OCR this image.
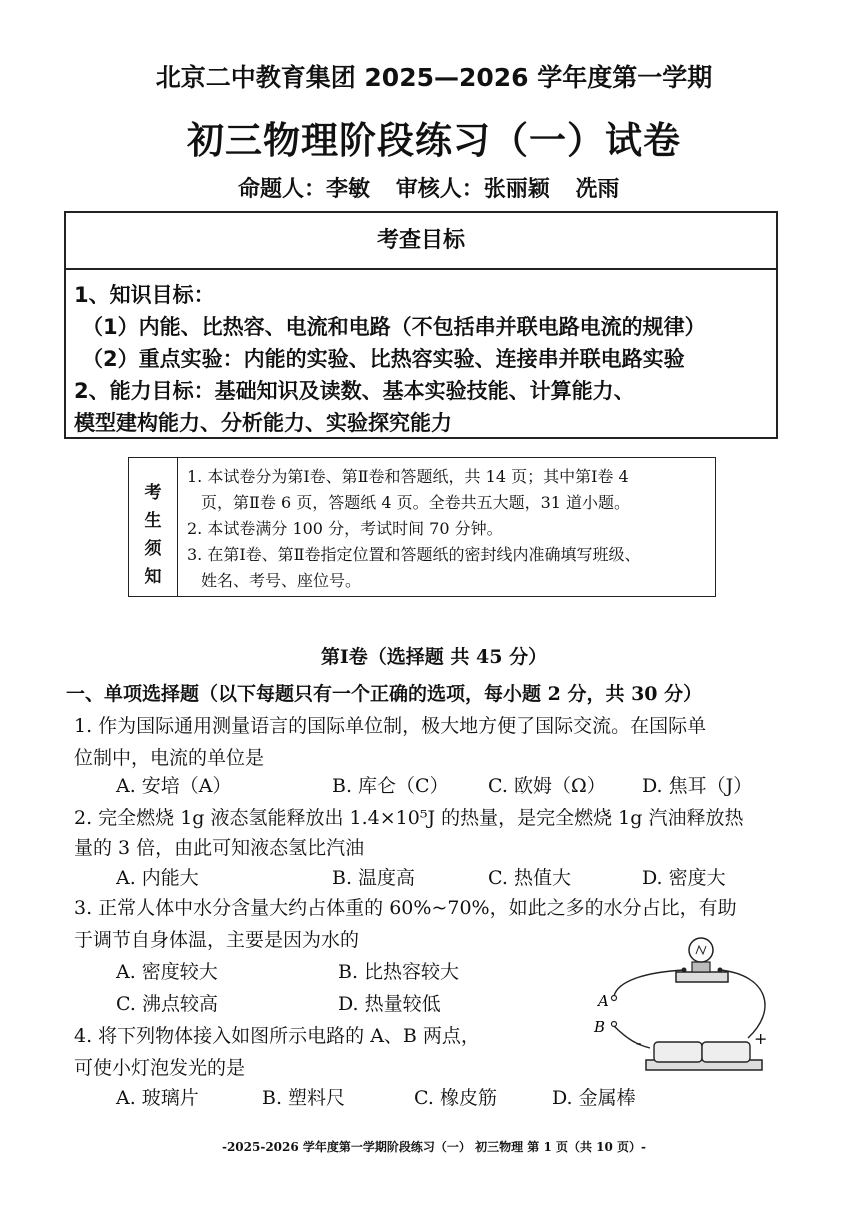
北京二中教育集团 2025—2026 学年度第一学期
初三物理阶段练习（一）试卷
命题人：李敏 审核人：张丽颖 冼雨
考查目标
1、知识目标：
（1）内能、比热容、电流和电路（不包括串并联电路电流的规律）
（2）重点实验：内能的实验、比热容实验、连接串并联电路实验
2、能力目标：基础知识及读数、基本实验技能、计算能力、
模型建构能力、分析能力、实验探究能力
考
生
须
知
1. 本试卷分为第Ⅰ卷、第Ⅱ卷和答题纸，共 14 页；其中第Ⅰ卷 4
页，第Ⅱ卷 6 页，答题纸 4 页。全卷共五大题，31 道小题。
2. 本试卷满分 100 分，考试时间 70 分钟。
3. 在第Ⅰ卷、第Ⅱ卷指定位置和答题纸的密封线内准确填写班级、
姓名、考号、座位号。
第Ⅰ卷（选择题 共 45 分）
一、单项选择题（以下每题只有一个正确的选项，每小题 2 分，共 30 分）
1. 作为国际通用测量语言的国际单位制，极大地方便了国际交流。在国际单
位制中，电流的单位是
A. 安培（A）	B. 库仑（C） C. 欧姆（Ω） D. 焦耳（J）
2. 完全燃烧 1g 液态氢能释放出 1.4×10⁵J 的热量，是完全燃烧 1g 汽油释放热
量的 3 倍，由此可知液态氢比汽油
A. 内能大	B. 温度高	C. 热值大	D. 密度大
3. 正常人体中水分含量大约占体重的 60%~70%，如此之多的水分占比，有助
于调节自身体温，主要是因为水的
A. 密度较大	B. 比热容较大
C. 沸点较高	D. 热量较低
4. 将下列物体接入如图所示电路的 A、B 两点，
可使小灯泡发光的是
A. 玻璃片	B. 塑料尺	C. 橡皮筋	D. 金属棒
A
B
-	+
-2025-2026 学年度第一学期阶段练习（一） 初三物理 第 1 页（共 10 页）-
